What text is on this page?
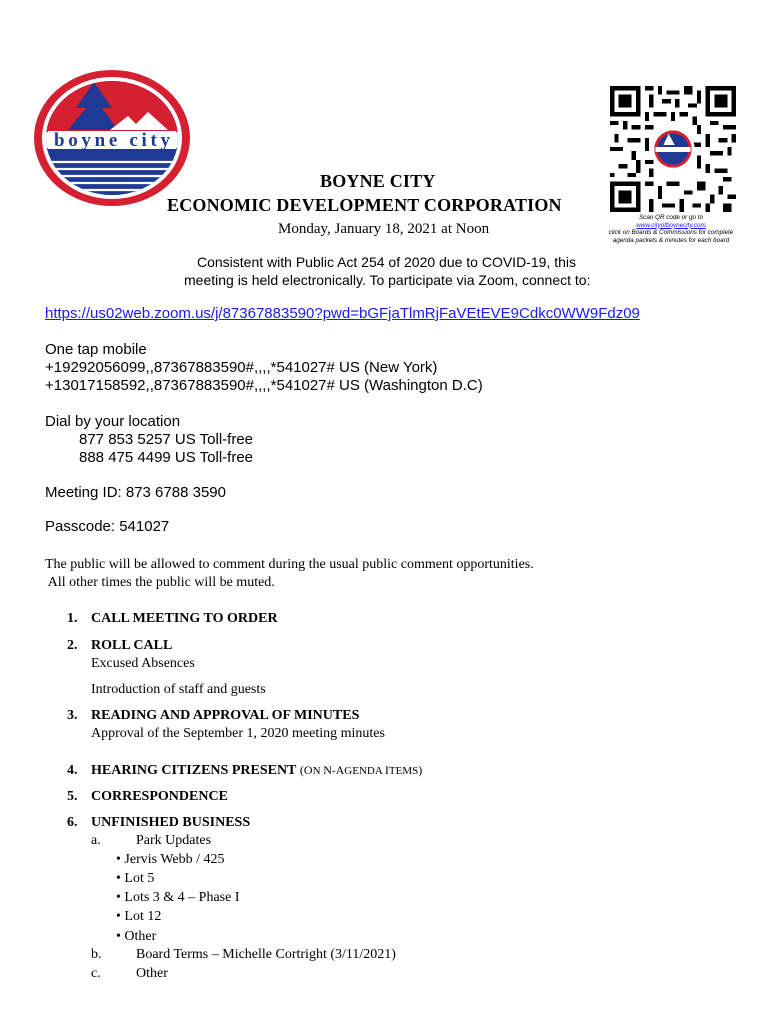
boyne city
BOYNE CITY
ECONOMIC DEVELOPMENT CORPORATION
Monday, January 18, 2021 at Noon
Scan QR code or go to
www.cityofboynecity.com
click on Boards & Commissions for complete
agenda packets & minutes for each board
Consistent with Public Act 254 of 2020 due to COVID-19, this
meeting is held electronically. To participate via Zoom, connect to:
https://us02web.zoom.us/j/87367883590?pwd=bGFjaTlmRjFaVEtEVE9Cdkc0WW9Fdz09
One tap mobile
+19292056099,,87367883590#,,,,*541027# US (New York)
+13017158592,,87367883590#,,,,*541027# US (Washington D.C)
Dial by your location
877 853 5257 US Toll-free
888 475 4499 US Toll-free
Meeting ID: 873 6788 3590
Passcode: 541027
The public will be allowed to comment during the usual public comment opportunities.
All other times the public will be muted.
1. CALL MEETING TO ORDER
2. ROLL CALL
Excused Absences
Introduction of staff and guests
3. READING AND APPROVAL OF MINUTES
Approval of the September 1, 2020 meeting minutes
4. HEARING CITIZENS PRESENT (ON N-AGENDA ITEMS)
5. CORRESPONDENCE
6. UNFINISHED BUSINESS
a.	Park Updates
• Jervis Webb / 425
• Lot 5
• Lots 3 & 4 – Phase I
• Lot 12
• Other
b. Board Terms – Michelle Cortright (3/11/2021)
c.	Other
